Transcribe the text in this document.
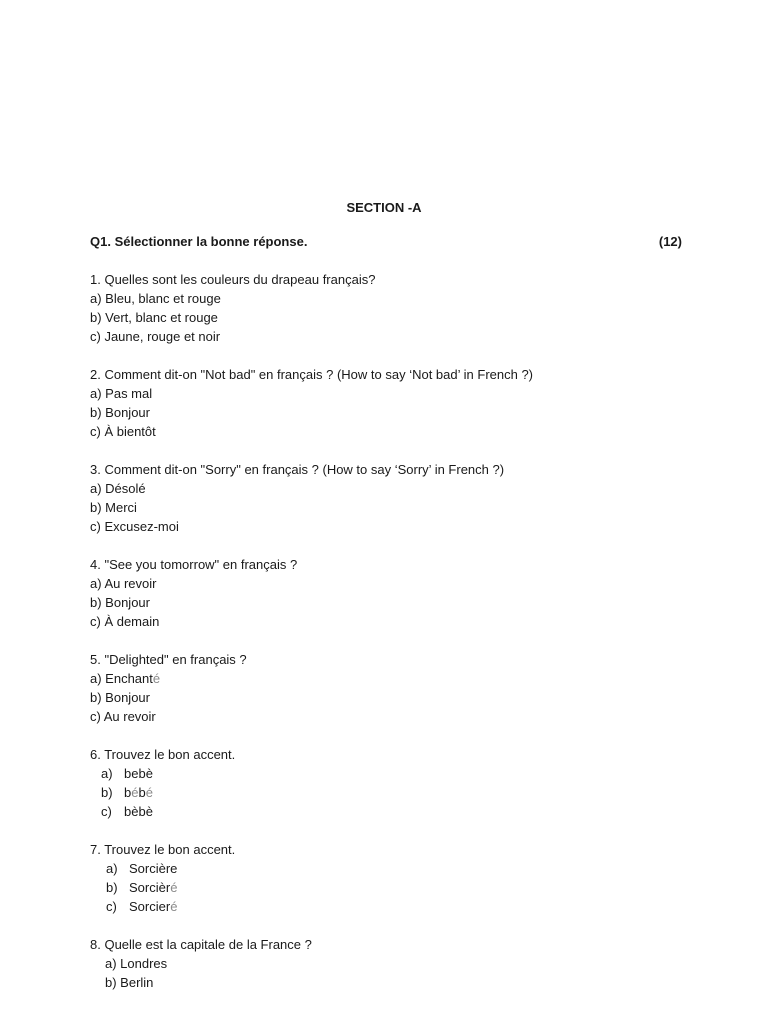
SECTION -A
Q1. Sélectionner la bonne réponse.	(12)
1. Quelles sont les couleurs du drapeau français?
a) Bleu, blanc et rouge
b) Vert, blanc et rouge
c) Jaune, rouge et noir
2. Comment dit-on "Not bad" en français ? (How to say ‘Not bad’ in French ?)
a) Pas mal
b) Bonjour
c) À bientôt
3. Comment dit-on "Sorry" en français ? (How to say ‘Sorry’ in French ?)
a) Désolé
b) Merci
c) Excusez-moi
4. "See you tomorrow" en français ?
a) Au revoir
b) Bonjour
c) À demain
5. "Delighted" en français ?
a) Enchanté
b) Bonjour
c) Au revoir
6. Trouvez le bon accent.
a) bebè
b) bébé
c) bèbè
7. Trouvez le bon accent.
a) Sorcière
b) Sorcièré
c) Sorcieré
8. Quelle est la capitale de la France ?
a) Londres
b) Berlin
